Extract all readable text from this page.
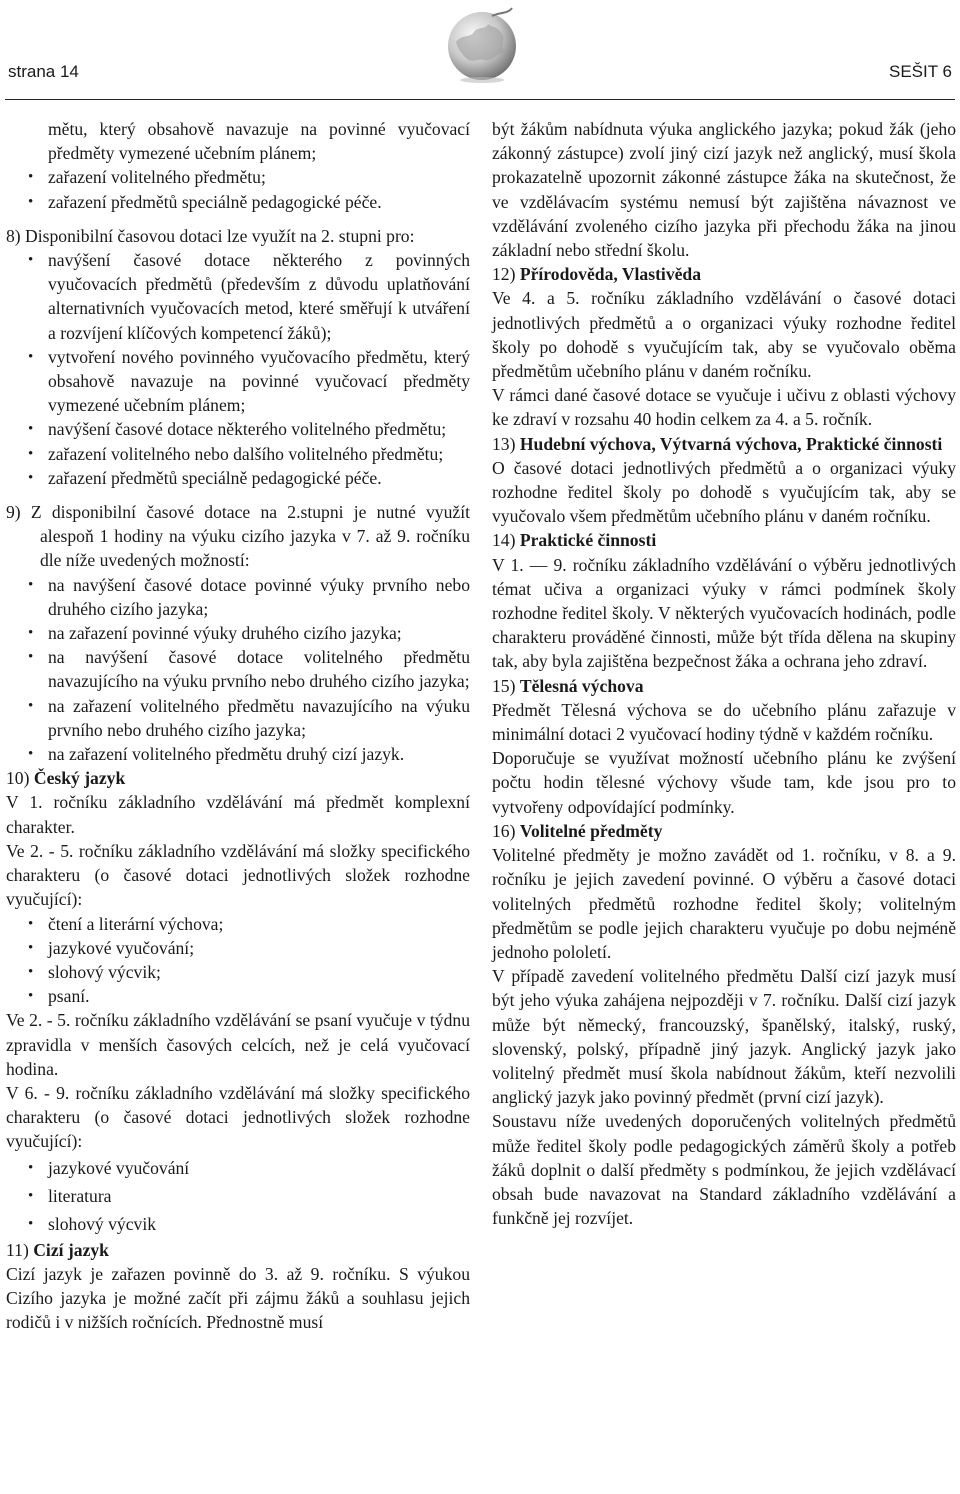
strana 14	SEŠIT 6
mětu, který obsahově navazuje na povinné vyučovací předměty vymezené učebním plánem;
• zařazení volitelného předmětu;
• zařazení předmětů speciálně pedagogické péče.

8) Disponibilní časovou dotaci lze využít na 2. stupni pro:

• navýšení časové dotace některého z povinných vyučovacích předmětů (především z důvodu uplatňování alternativních vyučovacích metod, které směřují k utváření a rozvíjení klíčových kompetencí žáků);
• vytvoření nového povinného vyučovacího předmětu, který obsahově navazuje na povinné vyučovací předměty vymezené učebním plánem;
• navýšení časové dotace některého volitelného předmětu;
• zařazení volitelného nebo dalšího volitelného předmětu;
• zařazení předmětů speciálně pedagogické péče.

9) Z disponibilní časové dotace na 2.stupni je nutné využít alespoň 1 hodiny na výuku cizího jazyka v 7. až 9. ročníku dle níže uvedených možností:

• na navýšení časové dotace povinné výuky prvního nebo druhého cizího jazyka;
• na zařazení povinné výuky druhého cizího jazyka;
• na navýšení časové dotace volitelného předmětu navazujícího na výuku prvního nebo druhého cizího jazyka;
• na zařazení volitelného předmětu navazujícího na výuku prvního nebo druhého cizího jazyka;
• na zařazení volitelného předmětu druhý cizí jazyk.

10) Český jazyk

V 1. ročníku základního vzdělávání má předmět komplexní charakter.

Ve 2. - 5. ročníku základního vzdělávání má složky specifického charakteru (o časové dotaci jednotlivých složek rozhodne vyučující):

• čtení a literární výchova;
• jazykové vyučování;
• slohový výcvik;
• psaní.

Ve 2. - 5. ročníku základního vzdělávání se psaní vyučuje v týdnu zpravidla v menších časových celcích, než je celá vyučovací hodina.

V 6. - 9. ročníku základního vzdělávání má složky specifického charakteru (o časové dotaci jednotlivých složek rozhodne vyučující):

• jazykové vyučování
• literatura
• slohový výcvik

11) Cizí jazyk

Cizí jazyk je zařazen povinně do 3. až 9. ročníku. S výukou Cizího jazyka je možné začít při zájmu žáků a souhlasu jejich rodičů i v nižších ročnících. Přednostně musí

být žákům nabídnuta výuka anglického jazyka; pokud žák (jeho zákonný zástupce) zvolí jiný cizí jazyk než anglický, musí škola prokazatelně upozornit zákonné zástupce žáka na skutečnost, že ve vzdělávacím systému nemusí být zajištěna návaznost ve vzdělávání zvoleného cizího jazyka při přechodu žáka na jinou základní nebo střední školu.

12) Přírodověda, Vlastivěda

Ve 4. a 5. ročníku základního vzdělávání o časové dotaci jednotlivých předmětů a o organizaci výuky rozhodne ředitel školy po dohodě s vyučujícím tak, aby se vyučovalo oběma předmětům učebního plánu v daném ročníku.

V rámci dané časové dotace se vyučuje i učivu z oblasti výchovy ke zdraví v rozsahu 40 hodin celkem za 4. a 5. ročník.

13) Hudební výchova, Výtvarná výchova, Praktické činnosti

O časové dotaci jednotlivých předmětů a o organizaci výuky rozhodne ředitel školy po dohodě s vyučujícím tak, aby se vyučovalo všem předmětům učebního plánu v daném ročníku.

14) Praktické činnosti

V 1. — 9. ročníku základního vzdělávání o výběru jednotlivých témat učiva a organizaci výuky v rámci podmínek školy rozhodne ředitel školy. V některých vyučovacích hodinách, podle charakteru prováděné činnosti, může být třída dělena na skupiny tak, aby byla zajištěna bezpečnost žáka a ochrana jeho zdraví.

15) Tělesná výchova

Předmět Tělesná výchova se do učebního plánu zařazuje v minimální dotaci 2 vyučovací hodiny týdně v každém ročníku.

Doporučuje se využívat možností učebního plánu ke zvýšení počtu hodin tělesné výchovy všude tam, kde jsou pro to vytvořeny odpovídající podmínky.

16) Volitelné předměty

Volitelné předměty je možno zavádět od 1. ročníku, v 8. a 9. ročníku je jejich zavedení povinné. O výběru a časové dotaci volitelných předmětů rozhodne ředitel školy; volitelným předmětům se podle jejich charakteru vyučuje po dobu nejméně jednoho pololetí.

V případě zavedení volitelného předmětu Další cizí jazyk musí být jeho výuka zahájena nejpozději v 7. ročníku. Další cizí jazyk může být německý, francouzský, španělský, italský, ruský, slovenský, polský, případně jiný jazyk. Anglický jazyk jako volitelný předmět musí škola nabídnout žákům, kteří nezvolili anglický jazyk jako povinný předmět (první cizí jazyk).

Soustavu níže uvedených doporučených volitelných předmětů může ředitel školy podle pedagogických záměrů školy a potřeb žáků doplnit o další předměty s podmínkou, že jejich vzdělávací obsah bude navazovat na Standard základního vzdělávání a funkčně jej rozvíjet.
